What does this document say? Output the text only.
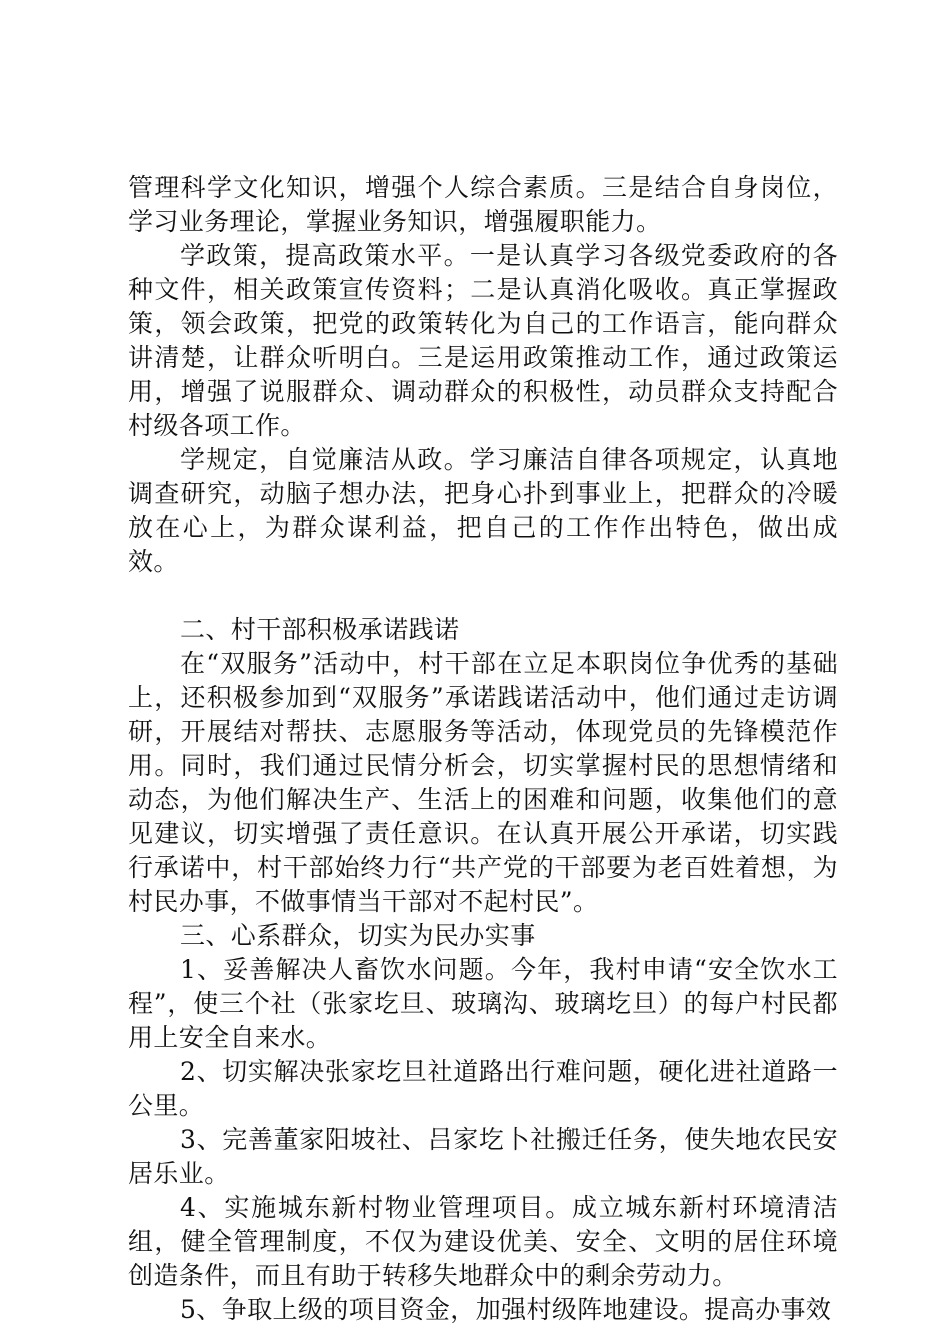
管理科学文化知识，增强个人综合素质。三是结合自身岗位，学习业务理论，掌握业务知识，增强履职能力。

学政策，提高政策水平。一是认真学习各级党委政府的各种文件，相关政策宣传资料；二是认真消化吸收。真正掌握政策，领会政策，把党的政策转化为自己的工作语言，能向群众讲清楚，让群众听明白。三是运用政策推动工作，通过政策运用，增强了说服群众、调动群众的积极性，动员群众支持配合村级各项工作。

学规定，自觉廉洁从政。学习廉洁自律各项规定，认真地调查研究，动脑子想办法，把身心扑到事业上，把群众的冷暖放在心上，为群众谋利益，把自己的工作作出特色，做出成效。

二、村干部积极承诺践诺

在“双服务”活动中，村干部在立足本职岗位争优秀的基础上，还积极参加到“双服务”承诺践诺活动中，他们通过走访调研，开展结对帮扶、志愿服务等活动，体现党员的先锋模范作用。同时，我们通过民情分析会，切实掌握村民的思想情绪和动态，为他们解决生产、生活上的困难和问题，收集他们的意见建议，切实增强了责任意识。在认真开展公开承诺，切实践行承诺中，村干部始终力行“共产党的干部要为老百姓着想，为村民办事，不做事情当干部对不起村民”。

三、心系群众，切实为民办实事

1、妥善解决人畜饮水问题。今年，我村申请“安全饮水工程”，使三个社（张家圪旦、玻璃沟、玻璃圪旦）的每户村民都用上安全自来水。

2、切实解决张家圪旦社道路出行难问题，硬化进社道路一公里。

3、完善董家阳坡社、吕家圪卜社搬迁任务，使失地农民安居乐业。

4、实施城东新村物业管理项目。成立城东新村环境清洁组，健全管理制度，不仅为建设优美、安全、文明的居住环境创造条件，而且有助于转移失地群众中的剩余劳动力。

5、争取上级的项目资金，加强村级阵地建设。提高办事效
